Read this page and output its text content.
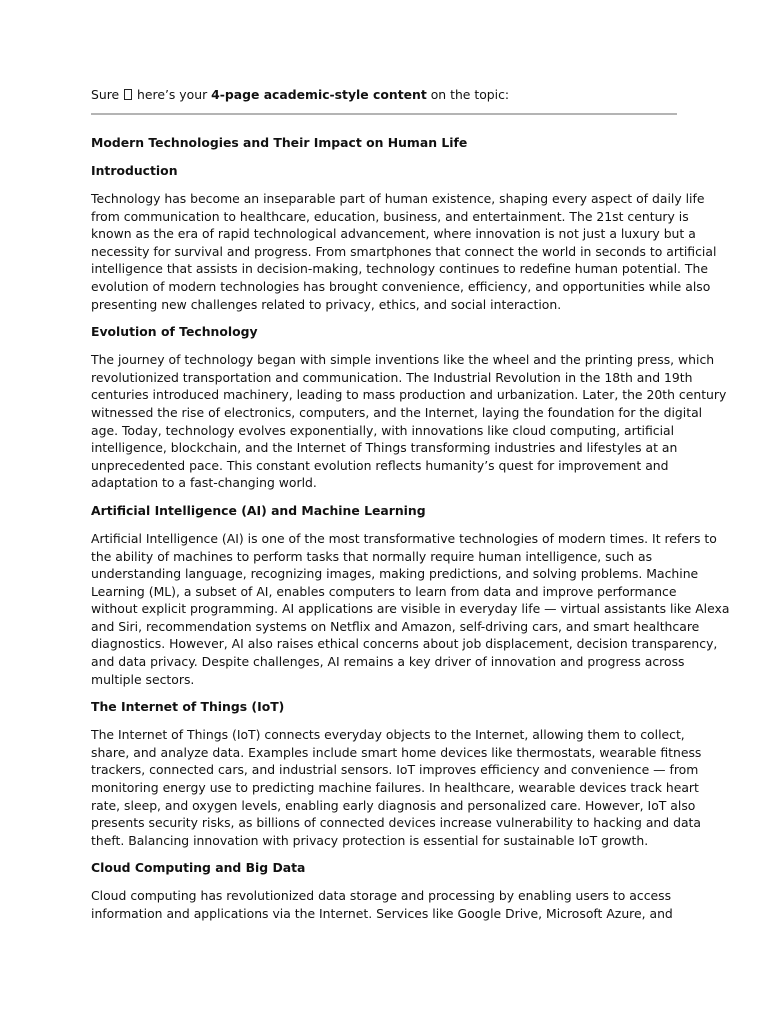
Sure  here’s your 4-page academic-style content on the topic:

Modern Technologies and Their Impact on Human Life
Introduction

Technology has become an inseparable part of human existence, shaping every aspect of daily life
from communication to healthcare, education, business, and entertainment. The 21st century is
known as the era of rapid technological advancement, where innovation is not just a luxury but a
necessity for survival and progress. From smartphones that connect the world in seconds to artificial
intelligence that assists in decision-making, technology continues to redefine human potential. The
evolution of modern technologies has brought convenience, efficiency, and opportunities while also
presenting new challenges related to privacy, ethics, and social interaction.

Evolution of Technology

The journey of technology began with simple inventions like the wheel and the printing press, which
revolutionized transportation and communication. The Industrial Revolution in the 18th and 19th
centuries introduced machinery, leading to mass production and urbanization. Later, the 20th century
witnessed the rise of electronics, computers, and the Internet, laying the foundation for the digital
age. Today, technology evolves exponentially, with innovations like cloud computing, artificial
intelligence, blockchain, and the Internet of Things transforming industries and lifestyles at an
unprecedented pace. This constant evolution reflects humanity’s quest for improvement and
adaptation to a fast-changing world.

Artificial Intelligence (AI) and Machine Learning

Artificial Intelligence (AI) is one of the most transformative technologies of modern times. It refers to
the ability of machines to perform tasks that normally require human intelligence, such as
understanding language, recognizing images, making predictions, and solving problems. Machine
Learning (ML), a subset of AI, enables computers to learn from data and improve performance
without explicit programming. AI applications are visible in everyday life — virtual assistants like Alexa
and Siri, recommendation systems on Netflix and Amazon, self-driving cars, and smart healthcare
diagnostics. However, AI also raises ethical concerns about job displacement, decision transparency,
and data privacy. Despite challenges, AI remains a key driver of innovation and progress across
multiple sectors.

The Internet of Things (IoT)

The Internet of Things (IoT) connects everyday objects to the Internet, allowing them to collect,
share, and analyze data. Examples include smart home devices like thermostats, wearable fitness
trackers, connected cars, and industrial sensors. IoT improves efficiency and convenience — from
monitoring energy use to predicting machine failures. In healthcare, wearable devices track heart
rate, sleep, and oxygen levels, enabling early diagnosis and personalized care. However, IoT also
presents security risks, as billions of connected devices increase vulnerability to hacking and data
theft. Balancing innovation with privacy protection is essential for sustainable IoT growth.

Cloud Computing and Big Data

Cloud computing has revolutionized data storage and processing by enabling users to access
information and applications via the Internet. Services like Google Drive, Microsoft Azure, and
